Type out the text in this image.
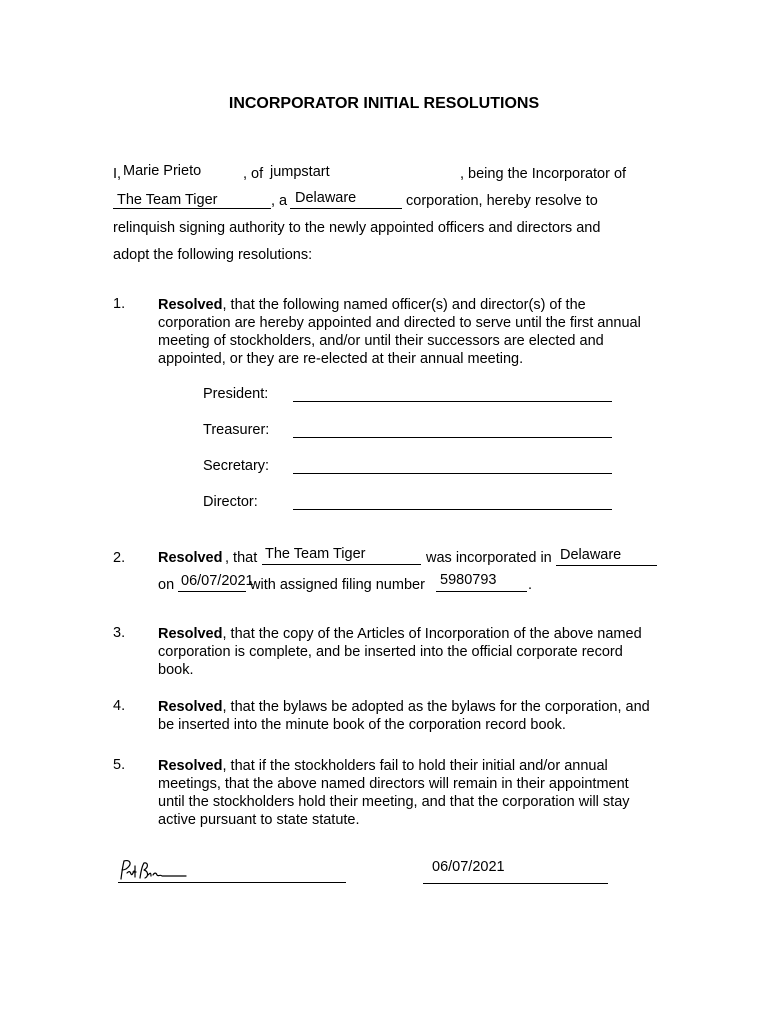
INCORPORATOR INITIAL RESOLUTIONS
I, Marie Prieto	, of jumpstart	, being the Incorporator of
The Team Tiger	, a Delaware	corporation, hereby resolve to
relinquish signing authority to the newly appointed officers and directors and
adopt the following resolutions:
1. Resolved, that the following named officer(s) and director(s) of the corporation are hereby appointed and directed to serve until the first annual meeting of stockholders, and/or until their successors are elected and appointed, or they are re-elected at their annual meeting.
President:
Treasurer:
Secretary:
Director:
2. Resolved , that The Team Tiger	was incorporated in Delaware
on 06/07/2021
with assigned filing number 5980793 .
3. Resolved, that the copy of the Articles of Incorporation of the above named corporation is complete, and be inserted into the official corporate record book.
4. Resolved, that the bylaws be adopted as the bylaws for the corporation, and be inserted into the minute book of the corporation record book.
5. Resolved, that if the stockholders fail to hold their initial and/or annual meetings, that the above named directors will remain in their appointment until the stockholders hold their meeting, and that the corporation will stay active pursuant to state statute.
06/07/2021
